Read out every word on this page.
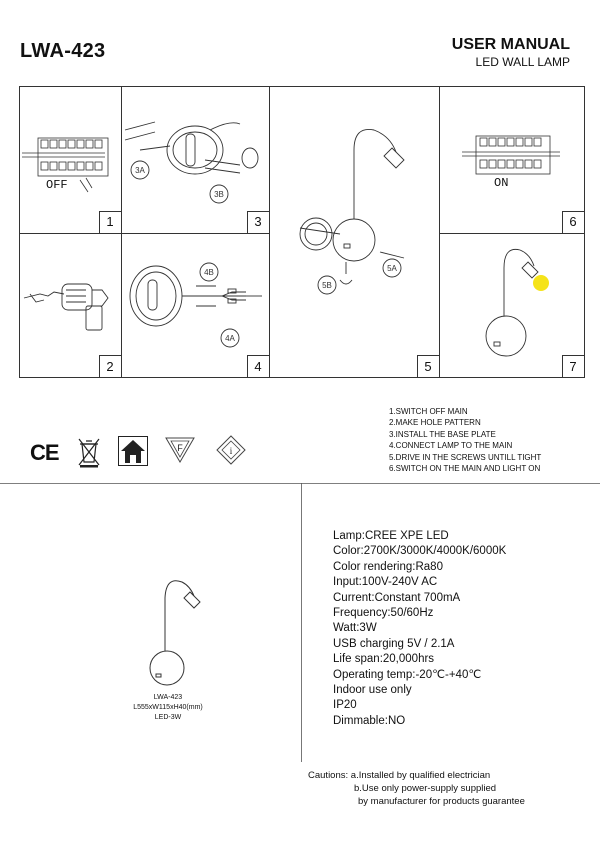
LWA-423	USER MANUAL
LED WALL LAMP
3A
3B
4B
4A
5A
5B
1
2
3
4	5
6
7
OFF	ON
1.SWITCH OFF MAIN
2.MAKE HOLE PATTERN
3.INSTALL THE BASE PLATE
4.CONNECT LAMP TO THE MAIN
5.DRIVE IN THE SCREWS UNTILL TIGHT
6.SWITCH ON THE MAIN AND LIGHT ON
CE	F	i
LWA-423
L555xW115xH40(mm)
LED-3W
Lamp:CREE XPE LED
Color:2700K/3000K/4000K/6000K
Color rendering:Ra80
Input:100V-240V AC
Current:Constant 700mA
Frequency:50/60Hz
Watt:3W
USB charging 5V / 2.1A
Life span:20,000hrs
Operating temp:-20℃-+40℃
Indoor use only
IP20
Dimmable:NO
Cautions: a.Installed by qualified electrician
b.Use only power-supply supplied
by manufacturer for products guarantee
